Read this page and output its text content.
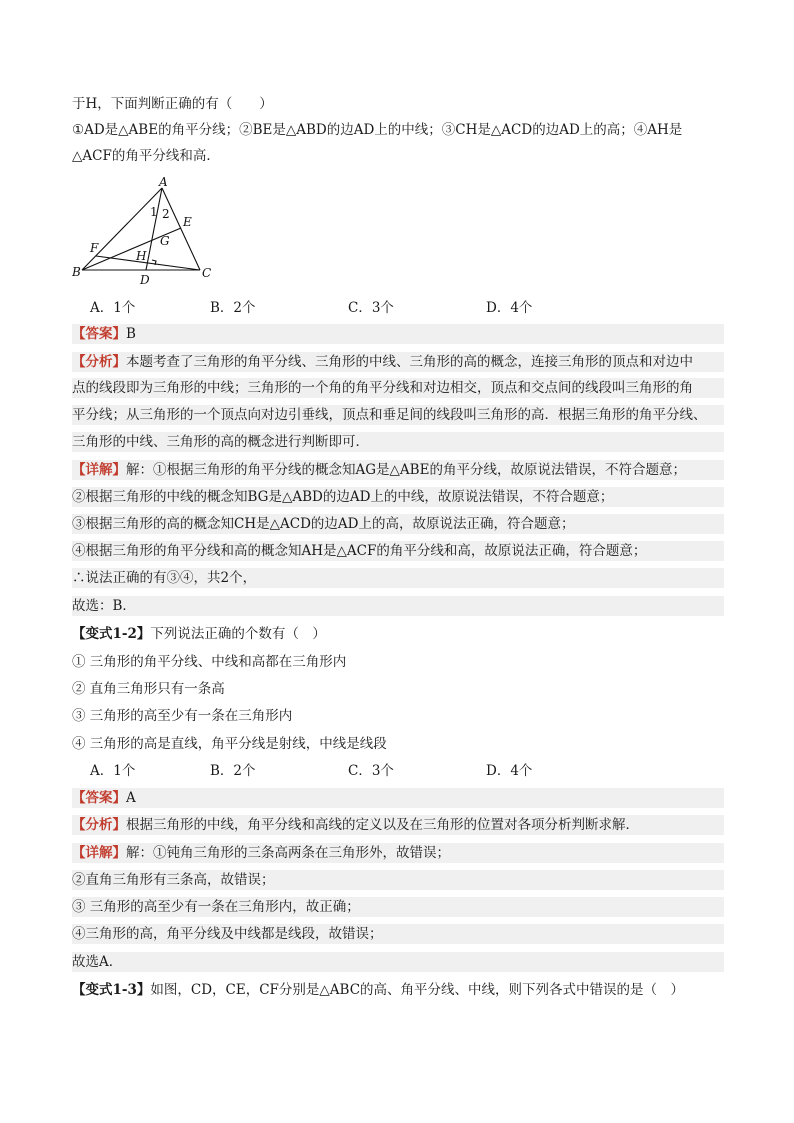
于H，下面判断正确的有（　　）
①AD是△ABE的角平分线；②BE是△ABD的边AD上的中线；③CH是△ACD的边AD上的高；④AH是
△ACF的角平分线和高．
A
B	C
D
E
F	G
H
1 2
A．1个	B．2个	C．3个	D．4个
【答案】B
【分析】本题考查了三角形的角平分线、三角形的中线、三角形的高的概念，连接三角形的顶点和对边中
点的线段即为三角形的中线；三角形的一个角的角平分线和对边相交，顶点和交点间的线段叫三角形的角
平分线；从三角形的一个顶点向对边引垂线，顶点和垂足间的线段叫三角形的高．根据三角形的角平分线、
三角形的中线、三角形的高的概念进行判断即可．
【详解】解：①根据三角形的角平分线的概念知AG是△ABE的角平分线，故原说法错误，不符合题意；
②根据三角形的中线的概念知BG是△ABD的边AD上的中线，故原说法错误，不符合题意；
③根据三角形的高的概念知CH是△ACD的边AD上的高，故原说法正确，符合题意；
④根据三角形的角平分线和高的概念知AH是△ACF的角平分线和高，故原说法正确，符合题意；
∴说法正确的有③④，共2个，
故选：B．
【变式1-2】下列说法正确的个数有（　）
① 三角形的角平分线、中线和高都在三角形内
② 直角三角形只有一条高
③ 三角形的高至少有一条在三角形内
④ 三角形的高是直线，角平分线是射线，中线是线段
A．1个	B．2个	C．3个	D．4个
【答案】A
【分析】根据三角形的中线，角平分线和高线的定义以及在三角形的位置对各项分析判断求解．
【详解】解：①钝角三角形的三条高两条在三角形外，故错误；
②直角三角形有三条高，故错误；
③ 三角形的高至少有一条在三角形内，故正确；
④三角形的高，角平分线及中线都是线段，故错误；
故选A．
【变式1-3】如图，CD，CE，CF分别是△ABC的高、角平分线、中线，则下列各式中错误的是（　）
